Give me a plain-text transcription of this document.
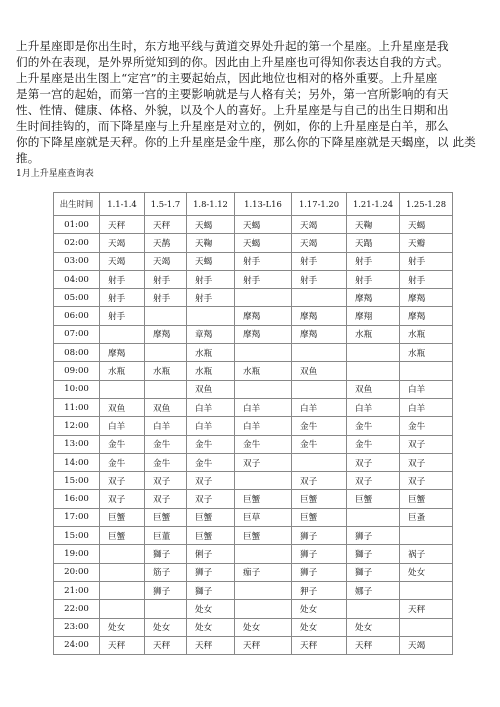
上升星座即是你出生时，东方地平线与黄道交界处升起的第一个星座。上升星座是我

们的外在表现，是外界所觉知到的你。因此由上升星座也可得知你表达自我的方式。

上升星座是出生图上“定宫”的主要起始点，因此地位也相对的格外重要。上升星座

是第一宫的起始，而第一宫的主要影响就是与人格有关；另外，第一宫所影响的有天

性、性情、健康、体格、外貌，以及个人的喜好。上升星座是与自己的出生日期和出

生时间挂钩的，而下降星座与上升星座是对立的，例如，你的上升星座是白羊，那么

你的下降星座就是天秤。你的上升星座是金牛座，那么你的下降星座就是天蝎座，以 此类推。

1月上升星座查询表
出生时间	1.1-1.4	1.5-1.7	1.8-1.12	1.13-L16	1.17-1.20	1.21-1.24	1.25-1.28
01:00	天秤	天秤	天蝎	天蝎	天竭	天鞠	天蝎
02:00	天竭	天鹊	天鞠	天蝎	天竭	天蹋	天瓣
03:00	天竭	天竭	天蝎	射手	射手	射手	射手
04:00	射手	射手	射手	射手	射手	射手	射手
05:00	射手	射手	射手			摩羯	摩羯
06:00	射手			摩羯	摩羯	摩翔	摩羯
07:00		摩羯	章羯	摩羯	摩羯	水瓶	水瓶
08:00	摩羯		水瓶				水瓶
09:00	水瓶	水瓶	水瓶	水瓶	双鱼		
10:00			双鱼			双鱼	白羊
11:00	双鱼	双鱼	白羊	白羊	白羊	白羊	白羊
12:00	白羊	白羊	白羊	白羊	金牛	金牛	金牛
13:00	金牛	金牛	金牛	金牛	金牛	金牛	双子
14:00	金牛	金牛	金牛	双子		双子	双子
15:00	双子	双子	双子		双子	双子	双子
16:00	双子	双子	双子	巨蟹	巨蟹	巨蟹	巨蟹
17:00	巨蟹	巨蟹	巨蟹	巨草	巨蟹		巨蚤
15:00	巨蟹	巨董	巨蟹	巨蟹	狮子	狮子	
19:00		獅子	俐子		狮子	獅子	祸子
20:00		筋子	狮子	痂子	狮子	獅子	处女
21:00		狮子	獅子		狎子	娜子	
22:00			处女		处女		天秤
23:00	处女	处女	处女	处女	处女	处女	
24:00	天秤	天秤	天秤	天秤	天秤	天秤	天竭
